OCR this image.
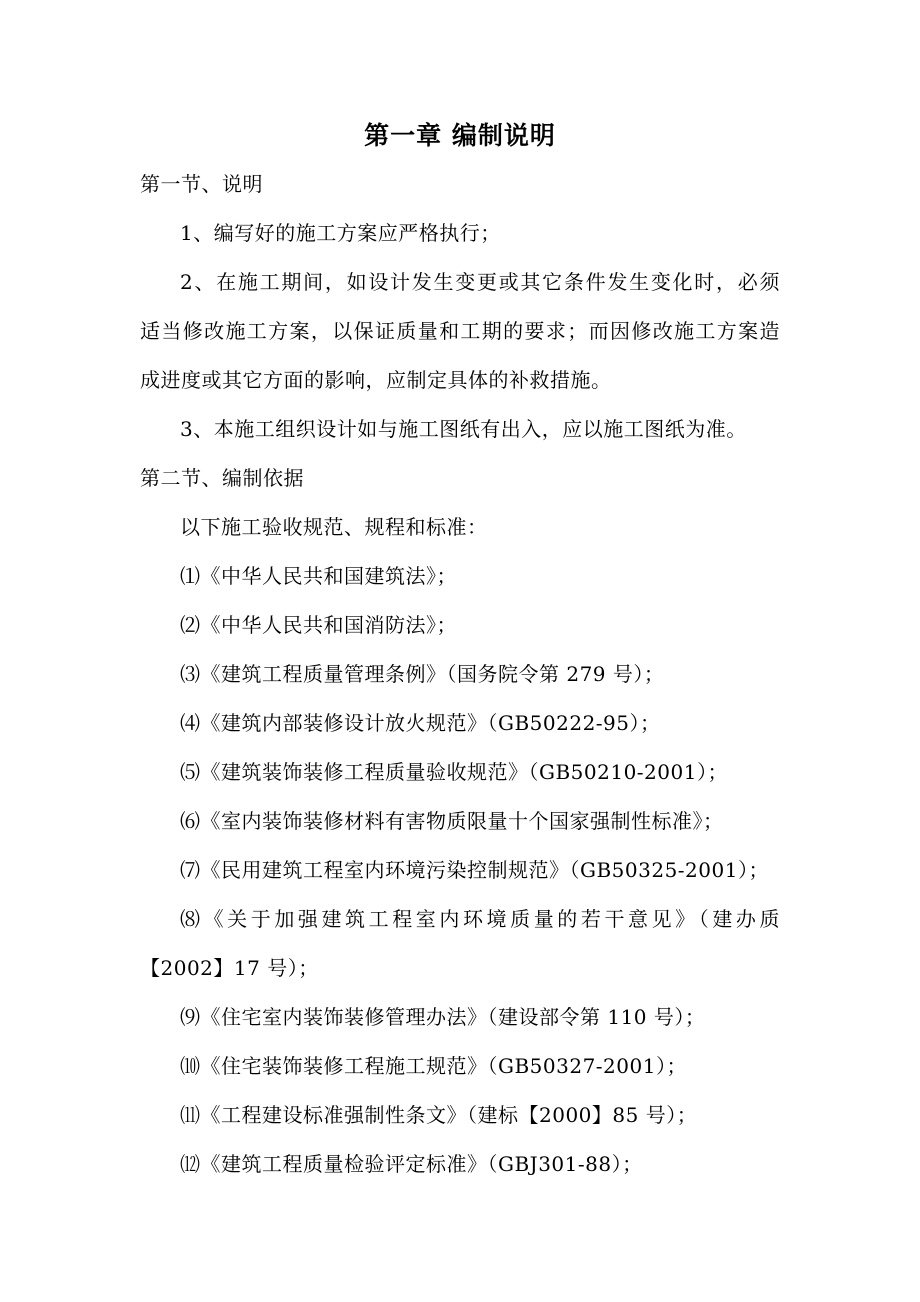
第一章 编制说明
第一节、说明
1、编写好的施工方案应严格执行；
2、在施工期间，如设计发生变更或其它条件发生变化时，必须
适当修改施工方案，以保证质量和工期的要求；而因修改施工方案造
成进度或其它方面的影响，应制定具体的补救措施。
3、本施工组织设计如与施工图纸有出入，应以施工图纸为准。
第二节、编制依据
以下施工验收规范、规程和标准：
⑴《中华人民共和国建筑法》；
⑵《中华人民共和国消防法》；
⑶《建筑工程质量管理条例》（国务院令第 279 号）；
⑷《建筑内部装修设计放火规范》（GB50222-95）；
⑸《建筑装饰装修工程质量验收规范》（GB50210-2001）；
⑹《室内装饰装修材料有害物质限量十个国家强制性标准》；
⑺《民用建筑工程室内环境污染控制规范》（GB50325-2001）；
⑻《关于加强建筑工程室内环境质量的若干意见》（建办质
【2002】17 号）；
⑼《住宅室内装饰装修管理办法》（建设部令第 110 号）；
⑽《住宅装饰装修工程施工规范》（GB50327-2001）；
⑾《工程建设标准强制性条文》（建标【2000】85 号）；
⑿《建筑工程质量检验评定标准》（GBJ301-88）；
